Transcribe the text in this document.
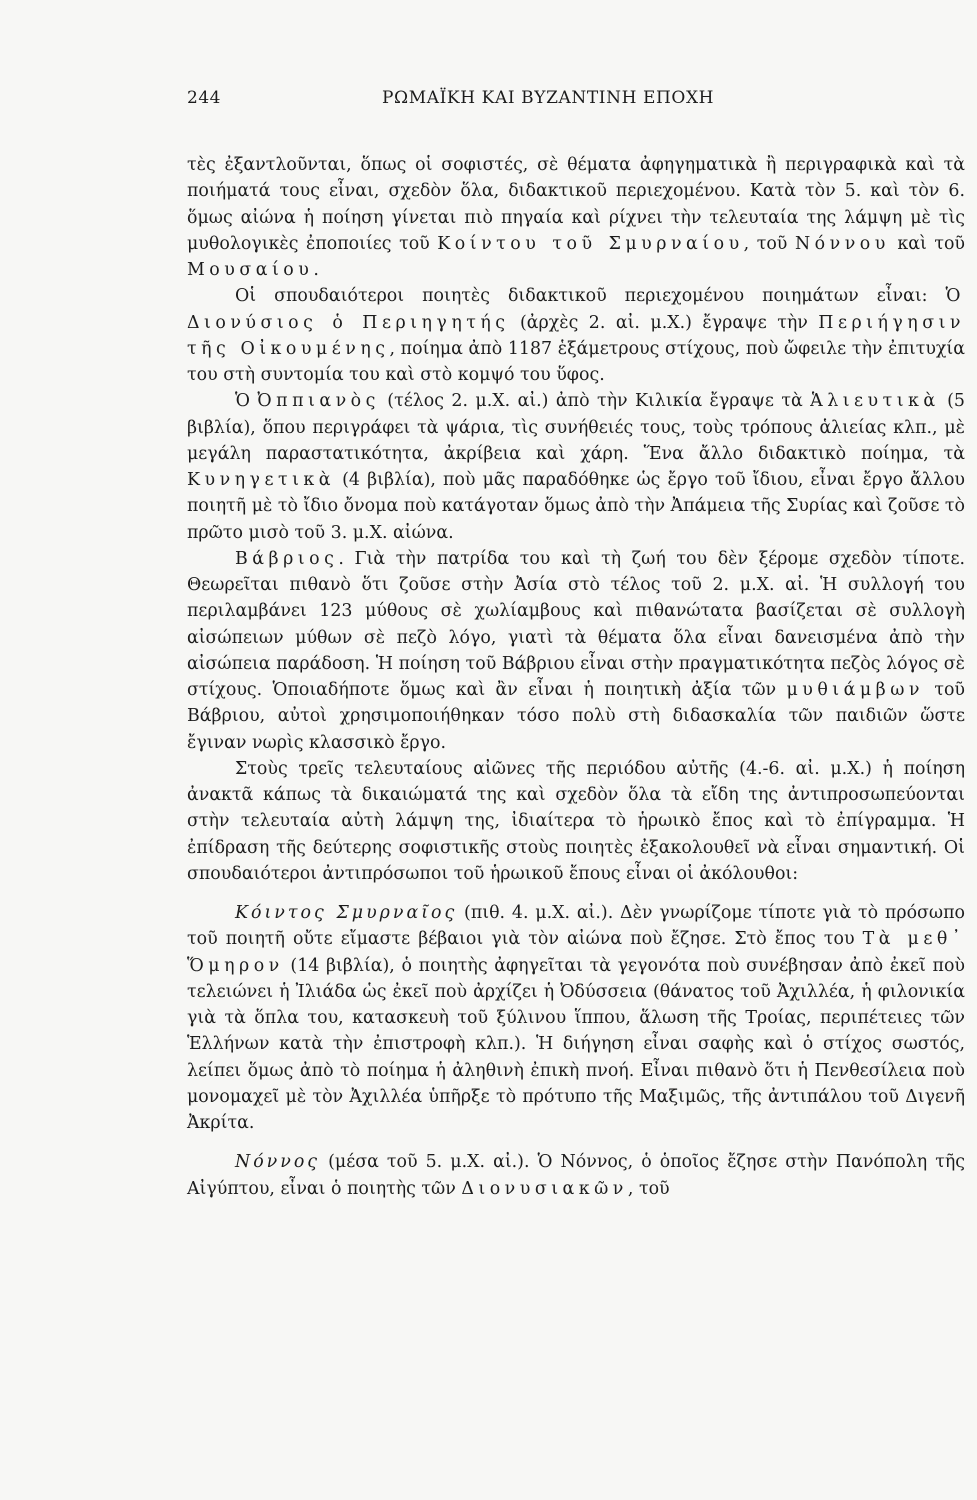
244	ΡΩΜΑΪΚΗ ΚΑΙ ΒΥΖΑΝΤΙΝΗ ΕΠΟΧΗ

τὲς ἐξαντλοῦνται, ὅπως οἱ σοφιστές, σὲ θέματα ἀφηγηματικὰ ἢ περιγραφικὰ καὶ τὰ ποιήματά τους εἶναι, σχεδὸν ὅλα, διδακτικοῦ περιεχομένου. Κατὰ τὸν 5. καὶ τὸν 6. ὅμως αἰώνα ἡ ποίηση γίνεται πιὸ πηγαία καὶ ρίχνει τὴν τελευταία της λάμψη μὲ τὶς μυθολογικὲς ἐποποιίες τοῦ Κοίντου τοῦ Σμυρναίου, τοῦ Νόννου καὶ τοῦ Μουσαίου.

Οἱ σπουδαιότεροι ποιητὲς διδακτικοῦ περιεχομένου ποιημάτων εἶναι: Ὁ Διονύσιος ὁ Περιηγητής (ἀρχὲς 2. αἰ. μ.Χ.) ἔγραψε τὴν Περιήγησιν τῆς Οἰκουμένης, ποίημα ἀπὸ 1187 ἑξάμετρους στίχους, ποὺ ὤφειλε τὴν ἐπιτυχία του στὴ συντομία του καὶ στὸ κομψό του ὕφος.

Ὁ Ὀππιανὸς (τέλος 2. μ.Χ. αἰ.) ἀπὸ τὴν Κιλικία ἔγραψε τὰ Ἁλιευτικὰ (5 βιβλία), ὅπου περιγράφει τὰ ψάρια, τὶς συνήθειές τους, τοὺς τρόπους ἁλιείας κλπ., μὲ μεγάλη παραστατικότητα, ἀκρίβεια καὶ χάρη. Ἕνα ἄλλο διδακτικὸ ποίημα, τὰ Κυνηγετικὰ (4 βιβλία), ποὺ μᾶς παραδόθηκε ὡς ἔργο τοῦ ἴδιου, εἶναι ἔργο ἄλλου ποιητῆ μὲ τὸ ἴδιο ὄνομα ποὺ κατάγοταν ὅμως ἀπὸ τὴν Ἀπάμεια τῆς Συρίας καὶ ζοῦσε τὸ πρῶτο μισὸ τοῦ 3. μ.Χ. αἰώνα.

Βάβριος. Γιὰ τὴν πατρίδα του καὶ τὴ ζωή του δὲν ξέρομε σχεδὸν τίποτε. Θεωρεῖται πιθανὸ ὅτι ζοῦσε στὴν Ἀσία στὸ τέλος τοῦ 2. μ.Χ. αἰ. Ἡ συλλογή του περιλαμβάνει 123 μύθους σὲ χωλίαμβους καὶ πιθανώτατα βασίζεται σὲ συλλογὴ αἰσώπειων μύθων σὲ πεζὸ λόγο, γιατὶ τὰ θέματα ὅλα εἶναι δανεισμένα ἀπὸ τὴν αἰσώπεια παράδοση. Ἡ ποίηση τοῦ Βάβριου εἶναι στὴν πραγματικότητα πεζὸς λόγος σὲ στίχους. Ὁποιαδήποτε ὅμως καὶ ἂν εἶναι ἡ ποιητικὴ ἀξία τῶν μυθιάμβων τοῦ Βάβριου, αὐτοὶ χρησιμοποιήθηκαν τόσο πολὺ στὴ διδασκαλία τῶν παιδιῶν ὥστε ἔγιναν νωρὶς κλασσικὸ ἔργο.

Στοὺς τρεῖς τελευταίους αἰῶνες τῆς περιόδου αὐτῆς (4.-6. αἰ. μ.Χ.) ἡ ποίηση ἀνακτᾶ κάπως τὰ δικαιώματά της καὶ σχεδὸν ὅλα τὰ εἴδη της ἀντιπροσωπεύονται στὴν τελευταία αὐτὴ λάμψη της, ἰδιαίτερα τὸ ἡρωικὸ ἔπος καὶ τὸ ἐπίγραμμα. Ἡ ἐπίδραση τῆς δεύτερης σοφιστικῆς στοὺς ποιητὲς ἐξακολουθεῖ νὰ εἶναι σημαντική. Οἱ σπουδαιότεροι ἀντιπρόσωποι τοῦ ἡρωικοῦ ἔπους εἶναι οἱ ἀκόλουθοι:

Κόιντος Σμυρναῖος (πιθ. 4. μ.Χ. αἰ.). Δὲν γνωρίζομε τίποτε γιὰ τὸ πρόσωπο τοῦ ποιητῆ οὔτε εἴμαστε βέβαιοι γιὰ τὸν αἰώνα ποὺ ἔζησε. Στὸ ἔπος του Τὰ μεθ᾽ Ὅμηρον (14 βιβλία), ὁ ποιητὴς ἀφηγεῖται τὰ γεγονότα ποὺ συνέβησαν ἀπὸ ἐκεῖ ποὺ τελειώνει ἡ Ἰλιάδα ὡς ἐκεῖ ποὺ ἀρχίζει ἡ Ὀδύσσεια (θάνατος τοῦ Ἀχιλλέα, ἡ φιλονικία γιὰ τὰ ὅπλα του, κατασκευὴ τοῦ ξύλινου ἵππου, ἅλωση τῆς Τροίας, περιπέτειες τῶν Ἑλλήνων κατὰ τὴν ἐπιστροφὴ κλπ.). Ἡ διήγηση εἶναι σαφὴς καὶ ὁ στίχος σωστός, λείπει ὅμως ἀπὸ τὸ ποίημα ἡ ἀληθινὴ ἐπικὴ πνοή. Εἶναι πιθανὸ ὅτι ἡ Πενθεσίλεια ποὺ μονομαχεῖ μὲ τὸν Ἀχιλλέα ὑπῆρξε τὸ πρότυπο τῆς Μαξιμῶς, τῆς ἀντιπάλου τοῦ Διγενῆ Ἀκρίτα.

Νόννος (μέσα τοῦ 5. μ.Χ. αἰ.). Ὁ Νόννος, ὁ ὁποῖος ἔζησε στὴν Πανόπολη τῆς Αἰγύπτου, εἶναι ὁ ποιητὴς τῶν Διονυσιακῶν, τοῦ
